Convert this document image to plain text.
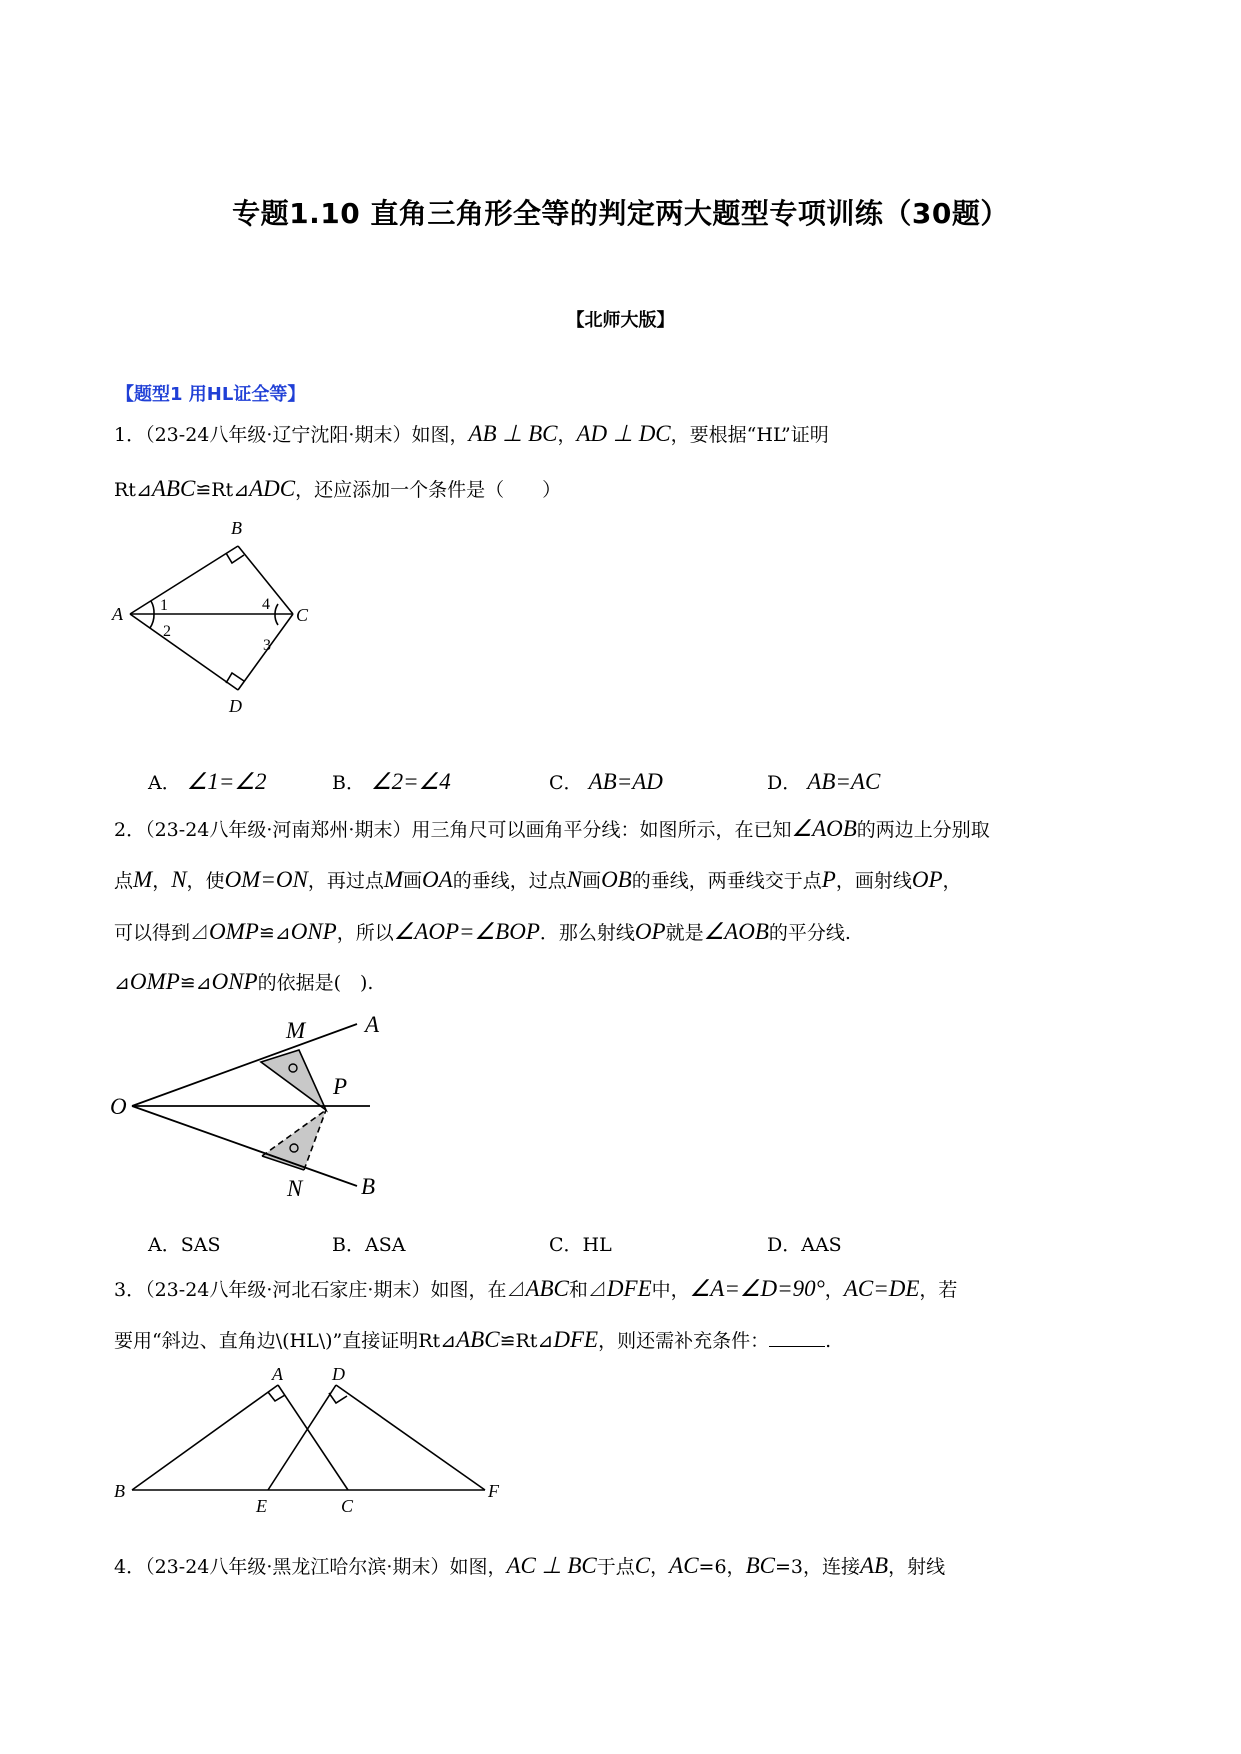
专题1.10 直角三角形全等的判定两大题型专项训练（30题）
【北师大版】
【题型1 用HL证全等】
1．（23-24八年级·辽宁沈阳·期末）如图，AB ⊥ BC，AD ⊥ DC，要根据“HL”证明
Rt⊿ABC≌Rt⊿ADC，还应添加一个条件是（　　）
B
A	C
D
1
2
3
4
O
M	A
P
N	B
A	D
B
E	C
F
A． ∠1=∠2	B． ∠2=∠4	C． AB=AD	D． AB=AC
2．（23-24八年级·河南郑州·期末）用三角尺可以画角平分线：如图所示，在已知∠AOB的两边上分别取
点M，N，使OM=ON，再过点M画OA的垂线，过点N画OB的垂线，两垂线交于点P，画射线OP，
可以得到⊿OMP≌⊿ONP，所以∠AOP=∠BOP．那么射线OP就是∠AOB的平分线.
⊿OMP≌⊿ONP的依据是(　).
A．SAS	B．ASA	C．HL	D．AAS
3．（23-24八年级·河北石家庄·期末）如图，在⊿ABC和⊿DFE中，∠A=∠D=90°，AC=DE，若
要用“斜边、直角边\(HL\)”直接证明Rt⊿ABC≌Rt⊿DFE，则还需补充条件：	.
4．（23-24八年级·黑龙江哈尔滨·期末）如图，AC ⊥ BC于点C，AC=6，BC=3，连接AB，射线
